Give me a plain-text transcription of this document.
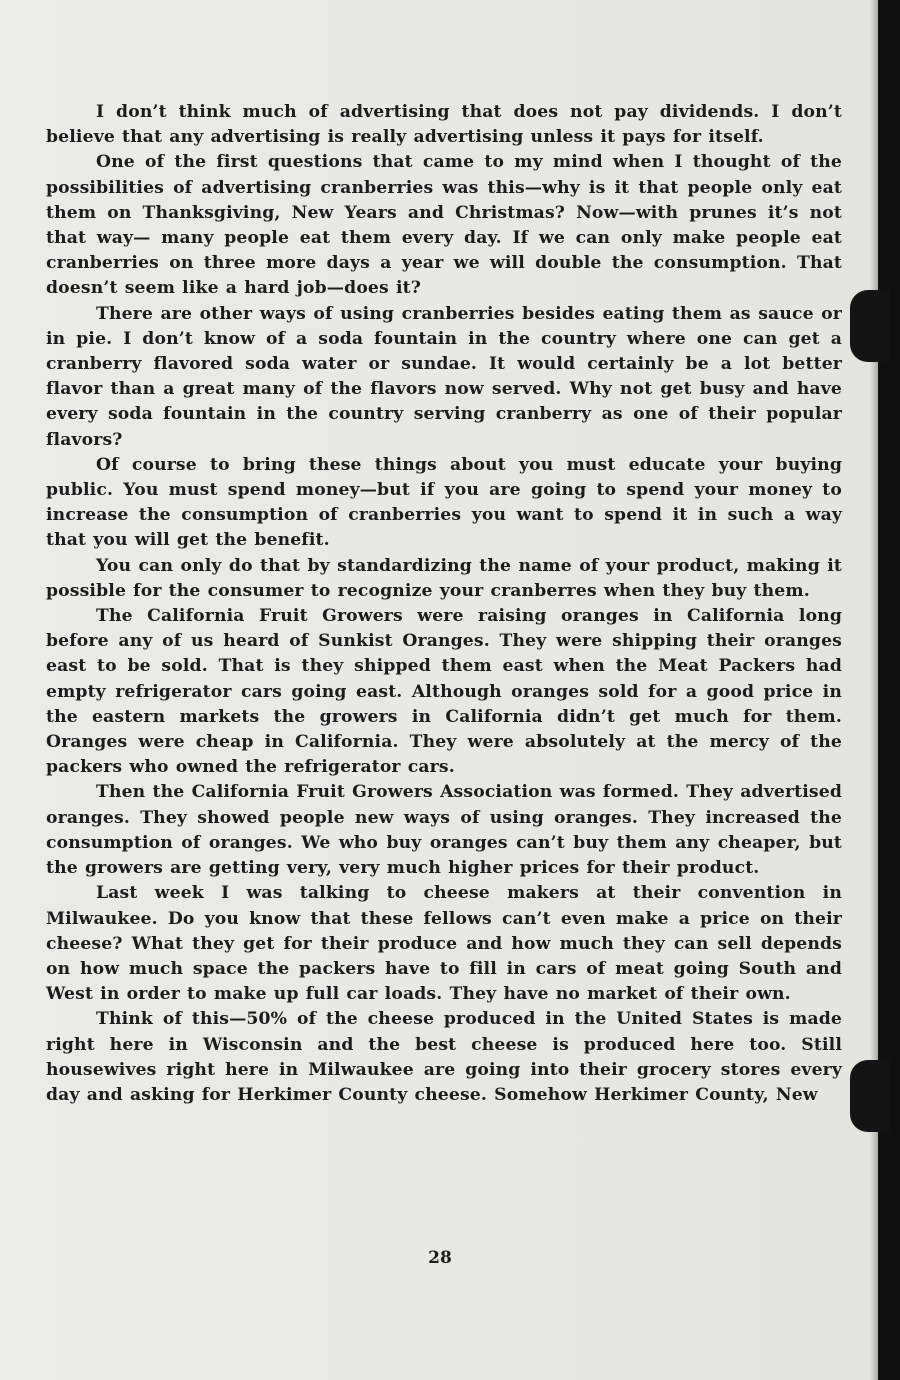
I don’t think much of advertising that does not pay dividends. I don’t believe that any advertising is really advertising unless it pays for itself.

One of the first questions that came to my mind when I thought of the possibilities of advertising cranberries was this—why is it that people only eat them on Thanksgiving, New Years and Christmas? Now—with prunes it’s not that way— many people eat them every day. If we can only make people eat cranberries on three more days a year we will double the consumption. That doesn’t seem like a hard job—does it?

There are other ways of using cranberries besides eating them as sauce or in pie. I don’t know of a soda fountain in the country where one can get a cranberry flavored soda water or sundae. It would certainly be a lot better flavor than a great many of the flavors now served. Why not get busy and have every soda fountain in the country serving cranberry as one of their popular flavors?

Of course to bring these things about you must educate your buying public. You must spend money—but if you are going to spend your money to increase the consumption of cranberries you want to spend it in such a way that you will get the benefit.

You can only do that by standardizing the name of your product, making it possible for the consumer to recognize your cranberres when they buy them.

The California Fruit Growers were raising oranges in California long before any of us heard of Sunkist Oranges. They were shipping their oranges east to be sold. That is they shipped them east when the Meat Packers had empty refrigerator cars going east. Although oranges sold for a good price in the eastern markets the growers in California didn’t get much for them. Oranges were cheap in California. They were absolutely at the mercy of the packers who owned the refrigerator cars.

Then the California Fruit Growers Association was formed. They advertised oranges. They showed people new ways of using oranges. They increased the consumption of oranges. We who buy oranges can’t buy them any cheaper, but the growers are getting very, very much higher prices for their product.

Last week I was talking to cheese makers at their convention in Milwaukee. Do you know that these fellows can’t even make a price on their cheese? What they get for their produce and how much they can sell depends on how much space the packers have to fill in cars of meat going South and West in order to make up full car loads. They have no market of their own.

Think of this—50% of the cheese produced in the United States is made right here in Wisconsin and the best cheese is produced here too. Still housewives right here in Milwaukee are going into their grocery stores every day and asking for Herkimer County cheese. Somehow Herkimer County, New

28
